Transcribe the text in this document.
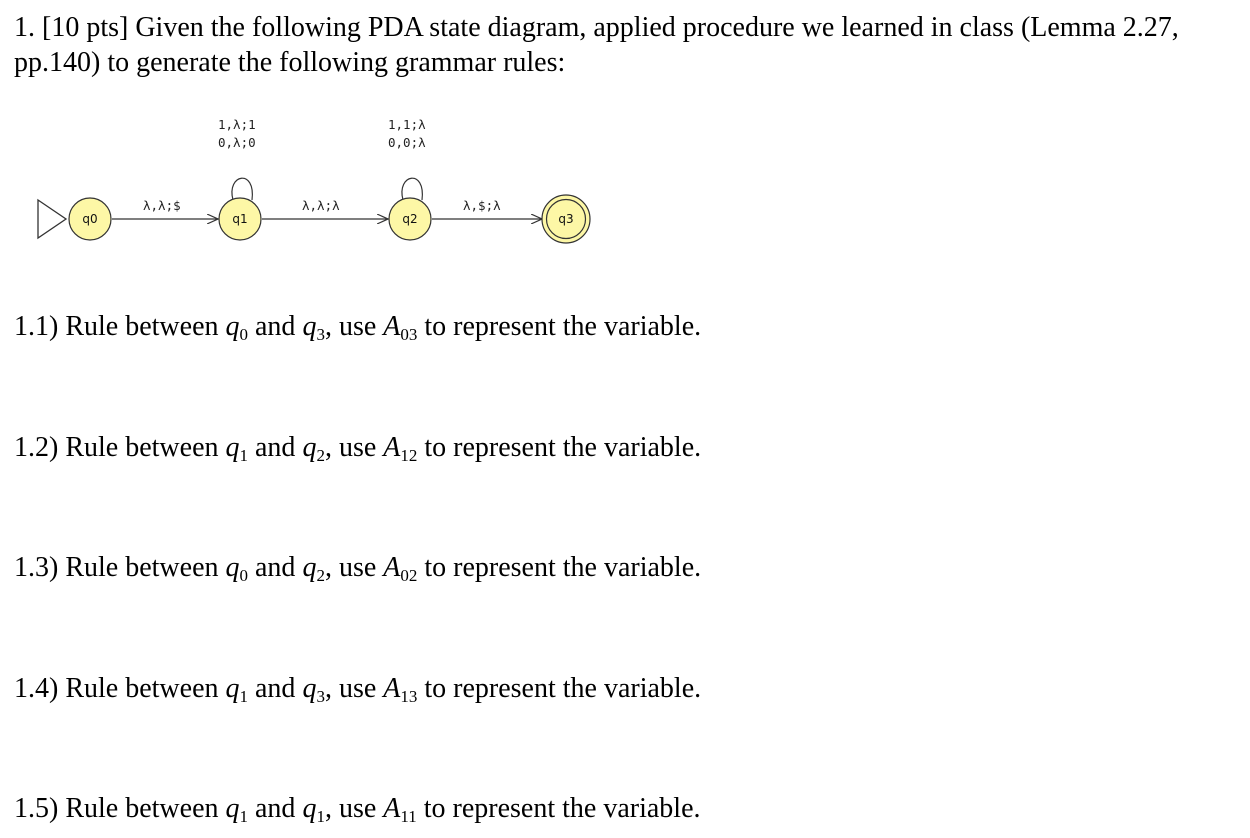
1. [10 pts] Given the following PDA state diagram, applied procedure we learned in class (Lemma 2.27, pp.140) to generate the following grammar rules:

λ,λ;$	λ,λ;λ	λ,$;λ
1,λ;1
0,λ;0
1,1;λ
0,0;λ
q0	q1	q2	q3

1.1) Rule between $q_0$ and $q_3$, use $A_{03}$ to represent the variable.

1.2) Rule between $q_1$ and $q_2$, use $A_{12}$ to represent the variable.

1.3) Rule between $q_0$ and $q_2$, use $A_{02}$ to represent the variable.

1.4) Rule between $q_1$ and $q_3$, use $A_{13}$ to represent the variable.

1.5) Rule between $q_1$ and $q_1$, use $A_{11}$ to represent the variable.
